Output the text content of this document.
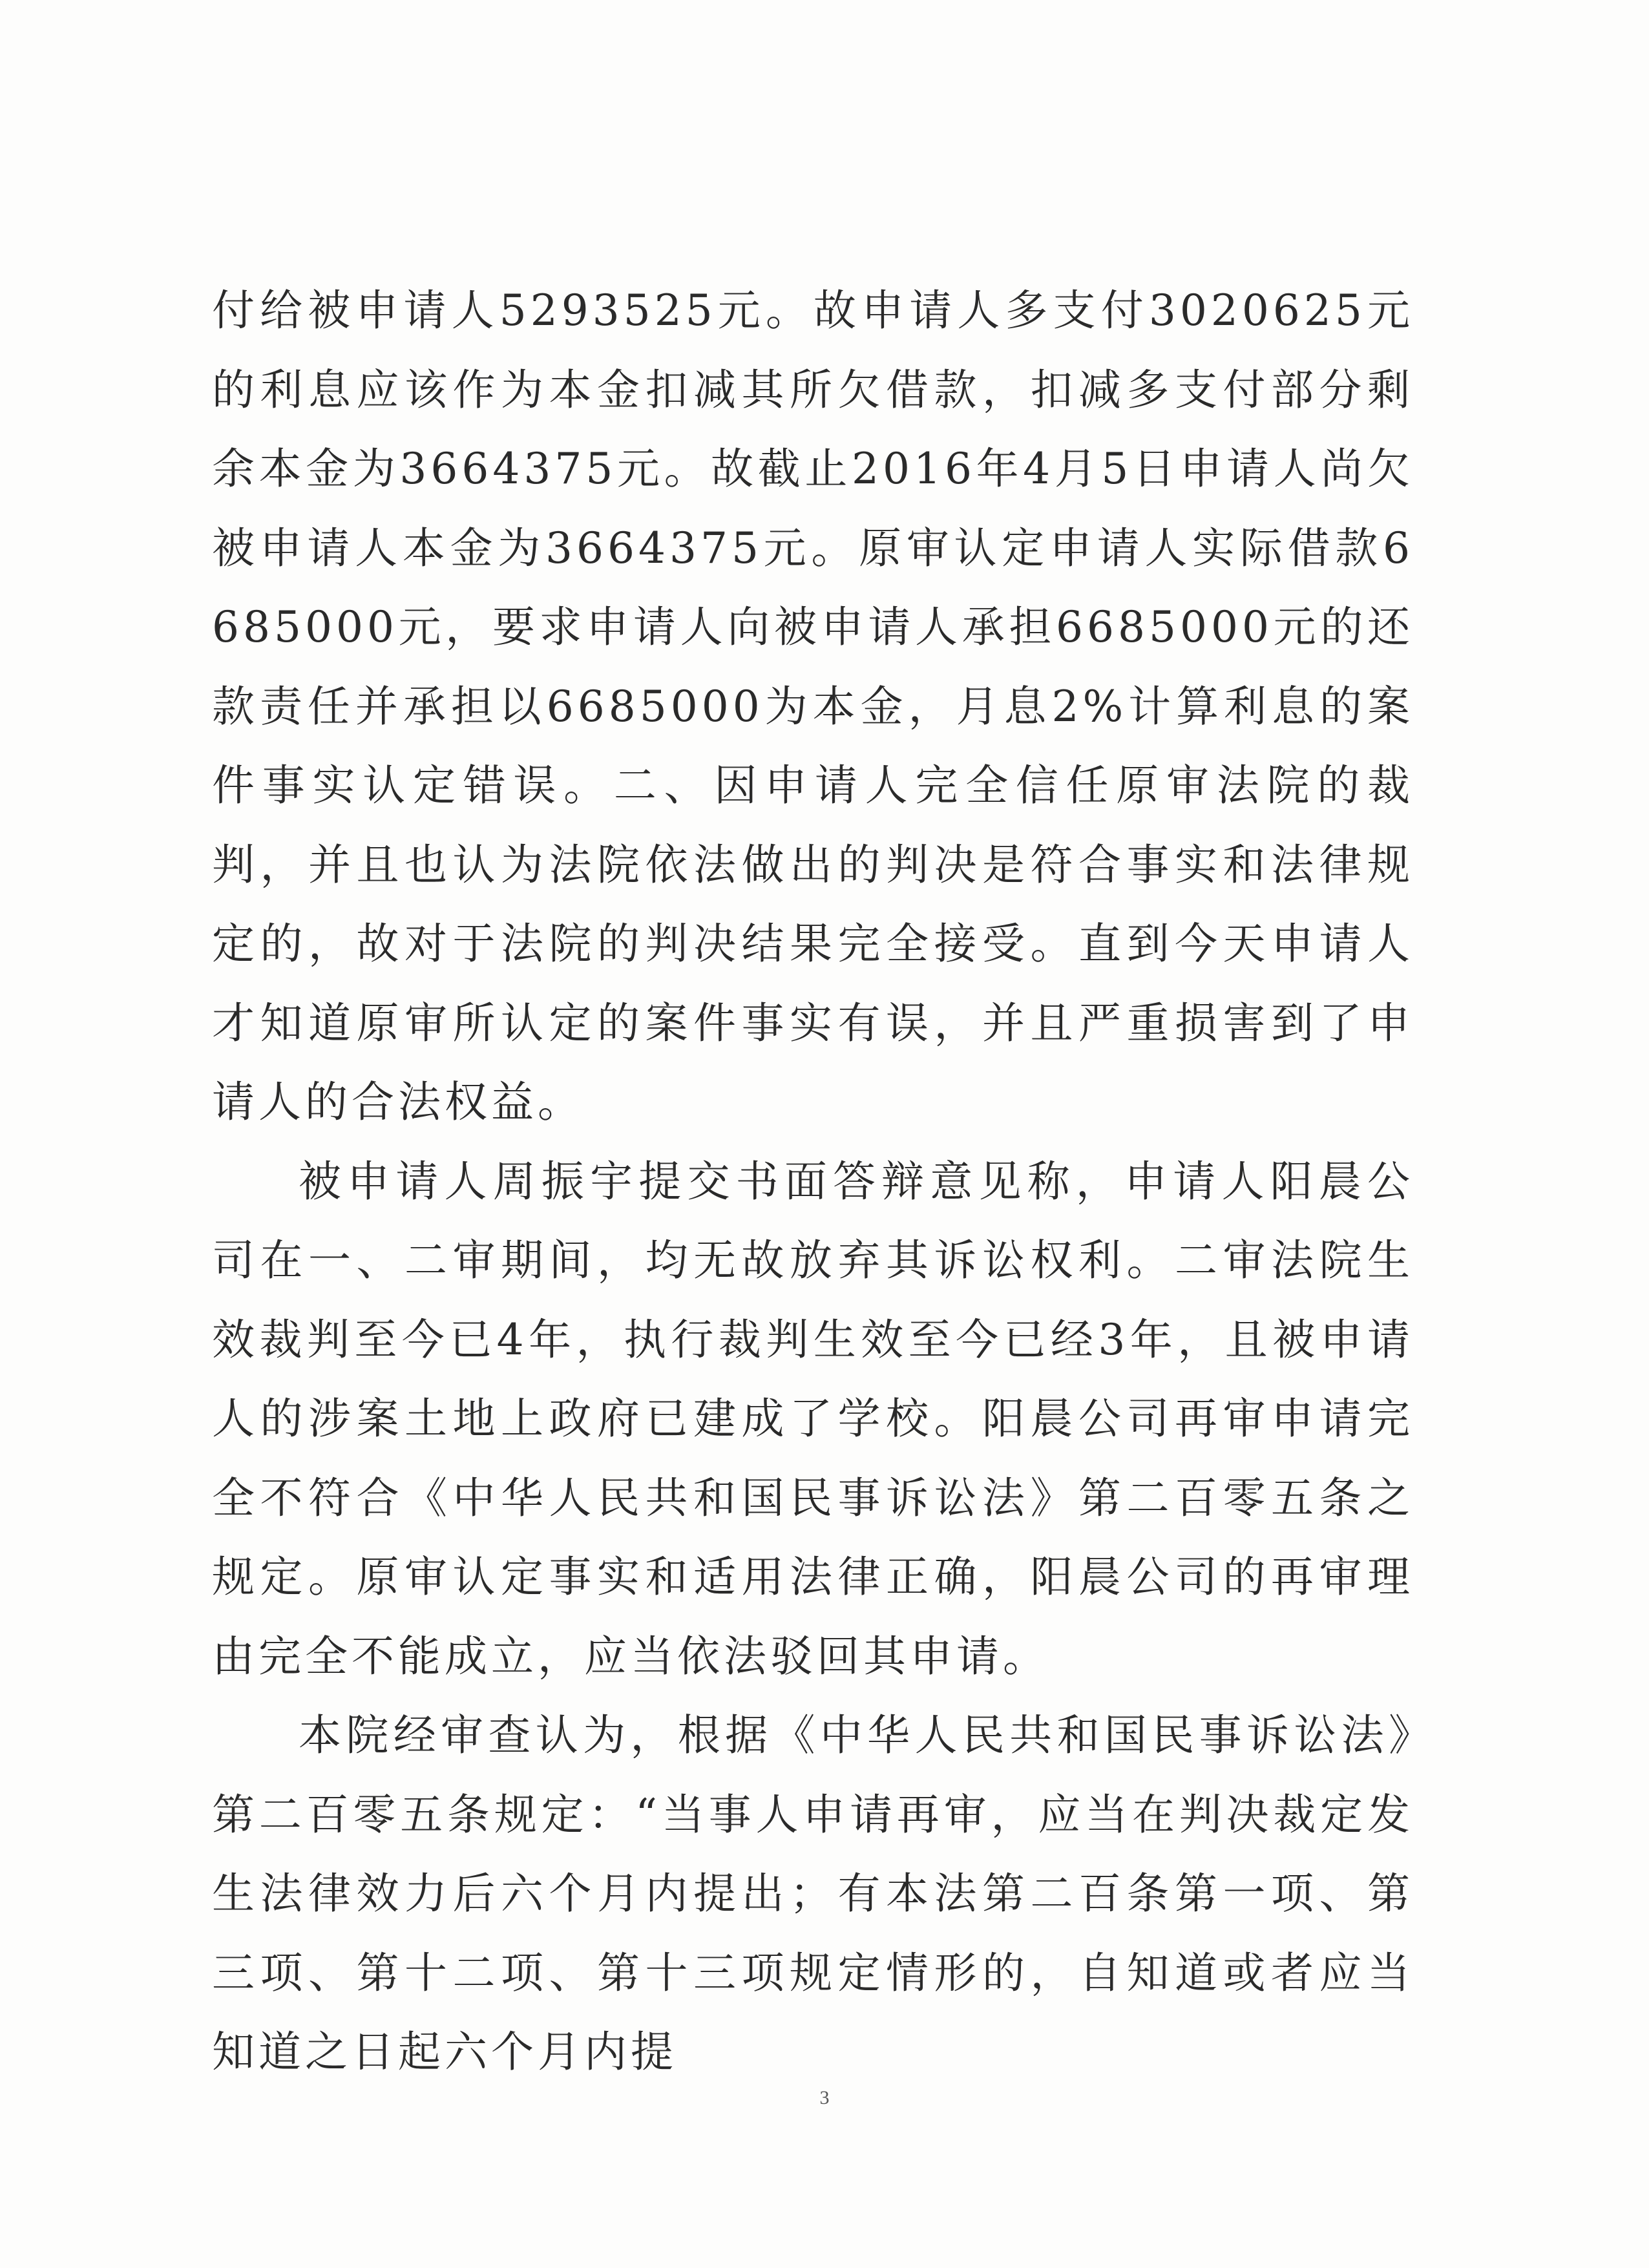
付给被申请人5293525元。故申请人多支付3020625元的利息应该作为本金扣减其所欠借款，扣减多支付部分剩余本金为3664375元。故截止2016年4月5日申请人尚欠被申请人本金为3664375元。原审认定申请人实际借款6685000元，要求申请人向被申请人承担6685000元的还款责任并承担以6685000为本金，月息2%计算利息的案件事实认定错误。二、因申请人完全信任原审法院的裁判，并且也认为法院依法做出的判决是符合事实和法律规定的，故对于法院的判决结果完全接受。直到今天申请人才知道原审所认定的案件事实有误，并且严重损害到了申请人的合法权益。

被申请人周振宇提交书面答辩意见称，申请人阳晨公司在一、二审期间，均无故放弃其诉讼权利。二审法院生效裁判至今已4年，执行裁判生效至今已经3年，且被申请人的涉案土地上政府已建成了学校。阳晨公司再审申请完全不符合《中华人民共和国民事诉讼法》第二百零五条之规定。原审认定事实和适用法律正确，阳晨公司的再审理由完全不能成立，应当依法驳回其申请。

本院经审查认为，根据《中华人民共和国民事诉讼法》第二百零五条规定：“当事人申请再审，应当在判决裁定发生法律效力后六个月内提出；有本法第二百条第一项、第三项、第十二项、第十三项规定情形的，自知道或者应当知道之日起六个月内提

3
